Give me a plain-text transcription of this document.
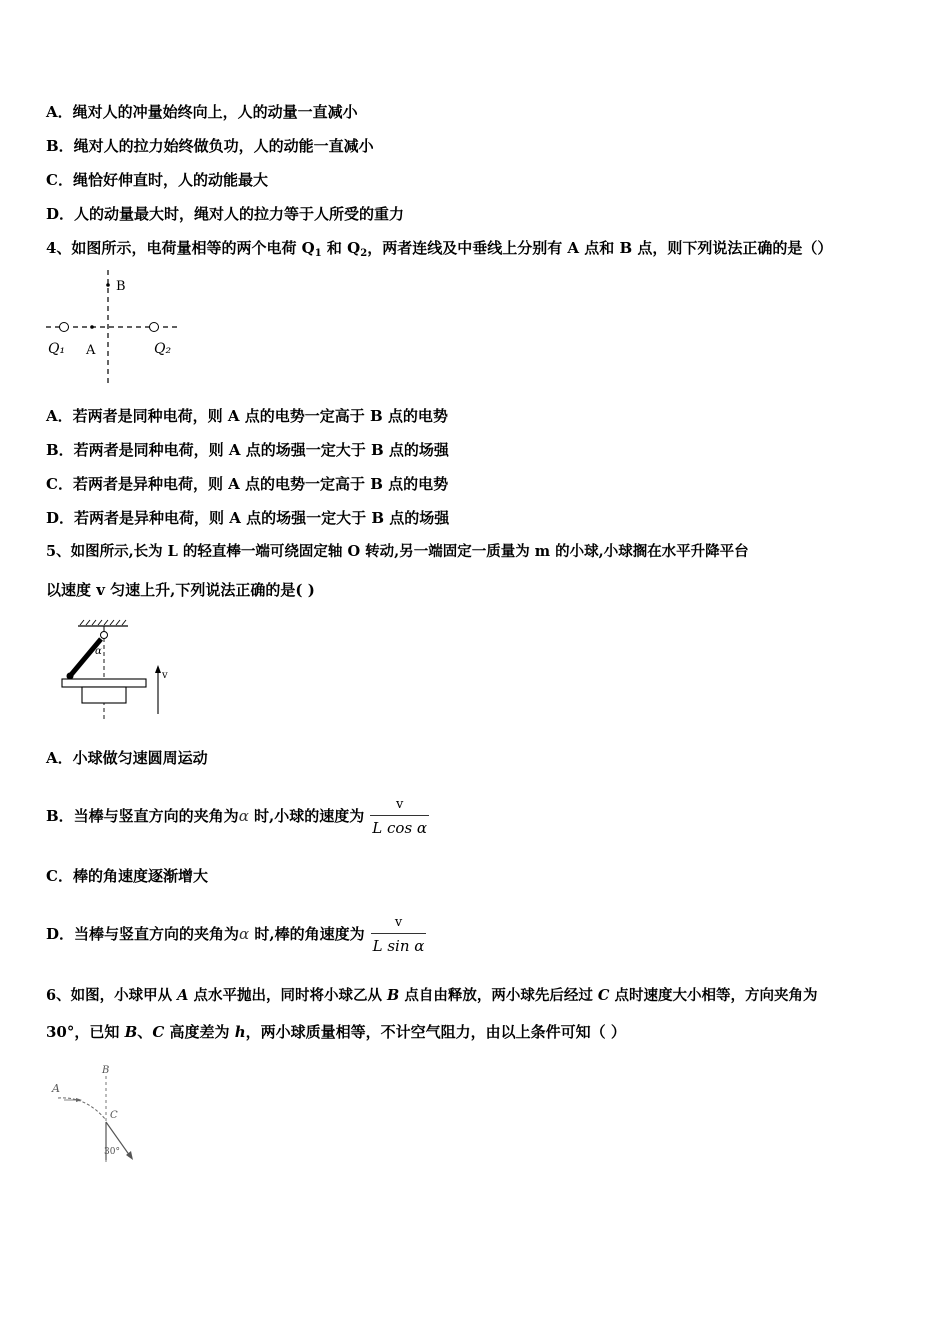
A．绳对人的冲量始终向上，人的动量一直减小
B．绳对人的拉力始终做负功，人的动能一直减小
C．绳恰好伸直时，人的动能最大
D．人的动量最大时，绳对人的拉力等于人所受的重力
4、如图所示，电荷量相等的两个电荷 $Q_1$ 和 $Q_2$，两者连线及中垂线上分别有 A 点和 B 点，则下列说法正确的是（）
B
Q₁ A	Q₂
A．若两者是同种电荷，则 A 点的电势一定高于 B 点的电势
B．若两者是同种电荷，则 A 点的场强一定大于 B 点的场强
C．若两者是异种电荷，则 A 点的电势一定高于 B 点的电势
D．若两者是异种电荷，则 A 点的场强一定大于 B 点的场强
5、如图所示,长为 L 的轻直棒一端可绕固定轴 O 转动,另一端固定一质量为 m 的小球,小球搁在水平升降平台
以速度 v 匀速上升,下列说法正确的是( )
α
v
A．小球做匀速圆周运动
B．当棒与竖直方向的夹角为α 时,小球的速度为 $\frac{v}{\text{L cos α}}$
C．棒的角速度逐渐增大
D．当棒与竖直方向的夹角为α 时,棒的角速度为 $\frac{v}{\text{L sin α}}$
6、如图，小球甲从 A 点水平抛出，同时将小球乙从 B 点自由释放，两小球先后经过 C 点时速度大小相等，方向夹角为
30°，已知 B、C 高度差为 h，两小球质量相等，不计空气阻力，由以上条件可知（ ）
A
B
C
30°
